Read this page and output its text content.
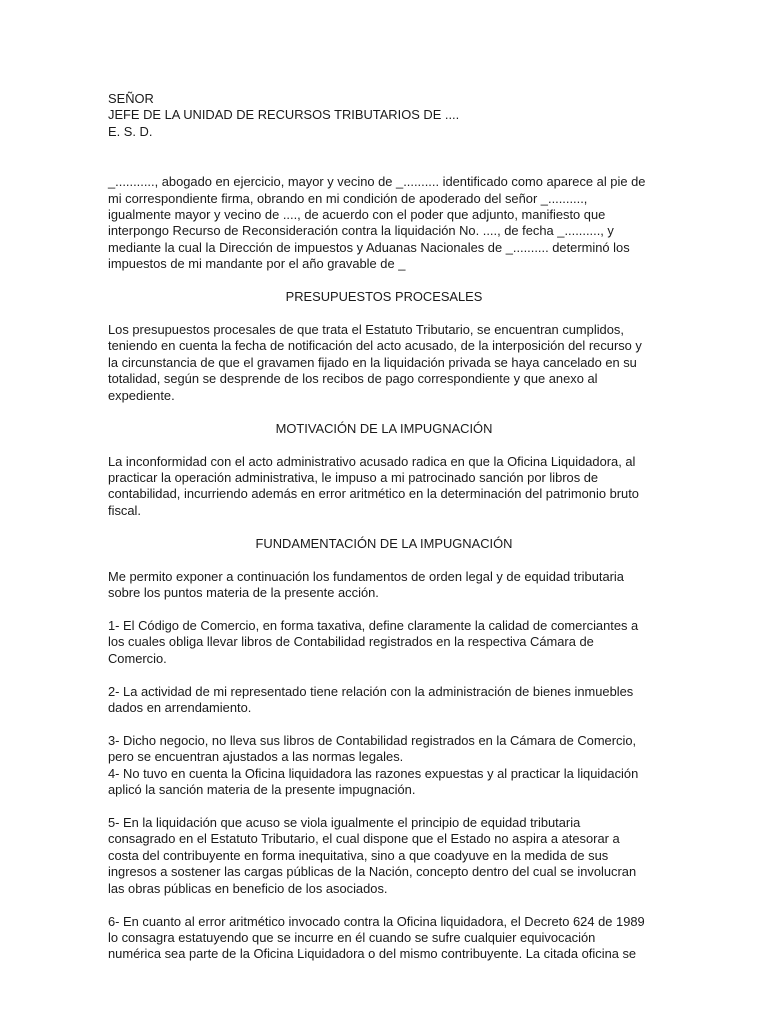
SEÑOR
JEFE DE LA UNIDAD DE RECURSOS TRIBUTARIOS DE ....
E. S. D.
_..........., abogado en ejercicio, mayor y vecino de _.......... identificado como aparece al pie de
mi correspondiente firma, obrando en mi condición de apoderado del señor _..........,
igualmente mayor y vecino de ...., de acuerdo con el poder que adjunto, manifiesto que
interpongo Recurso de Reconsideración contra la liquidación No. ...., de fecha _.........., y
mediante la cual la Dirección de impuestos y Aduanas Nacionales de _.......... determinó los
impuestos de mi mandante por el año gravable de _
PRESUPUESTOS PROCESALES
Los presupuestos procesales de que trata el Estatuto Tributario, se encuentran cumplidos,
teniendo en cuenta la fecha de notificación del acto acusado, de la interposición del recurso y
la circunstancia de que el gravamen fijado en la liquidación privada se haya cancelado en su
totalidad, según se desprende de los recibos de pago correspondiente y que anexo al
expediente.
MOTIVACIÓN DE LA IMPUGNACIÓN
La inconformidad con el acto administrativo acusado radica en que la Oficina Liquidadora, al
practicar la operación administrativa, le impuso a mi patrocinado sanción por libros de
contabilidad, incurriendo además en error aritmético en la determinación del patrimonio bruto
fiscal.
FUNDAMENTACIÓN DE LA IMPUGNACIÓN
Me permito exponer a continuación los fundamentos de orden legal y de equidad tributaria
sobre los puntos materia de la presente acción.
1- El Código de Comercio, en forma taxativa, define claramente la calidad de comerciantes a
los cuales obliga llevar libros de Contabilidad registrados en la respectiva Cámara de
Comercio.
2- La actividad de mi representado tiene relación con la administración de bienes inmuebles
dados en arrendamiento.
3- Dicho negocio, no lleva sus libros de Contabilidad registrados en la Cámara de Comercio,
pero se encuentran ajustados a las normas legales.
4- No tuvo en cuenta la Oficina liquidadora las razones expuestas y al practicar la liquidación
aplicó la sanción materia de la presente impugnación.
5- En la liquidación que acuso se viola igualmente el principio de equidad tributaria
consagrado en el Estatuto Tributario, el cual dispone que el Estado no aspira a atesorar a
costa del contribuyente en forma inequitativa, sino a que coadyuve en la medida de sus
ingresos a sostener las cargas públicas de la Nación, concepto dentro del cual se involucran
las obras públicas en beneficio de los asociados.
6- En cuanto al error aritmético invocado contra la Oficina liquidadora, el Decreto 624 de 1989
lo consagra estatuyendo que se incurre en él cuando se sufre cualquier equivocación
numérica sea parte de la Oficina Liquidadora o del mismo contribuyente. La citada oficina se
